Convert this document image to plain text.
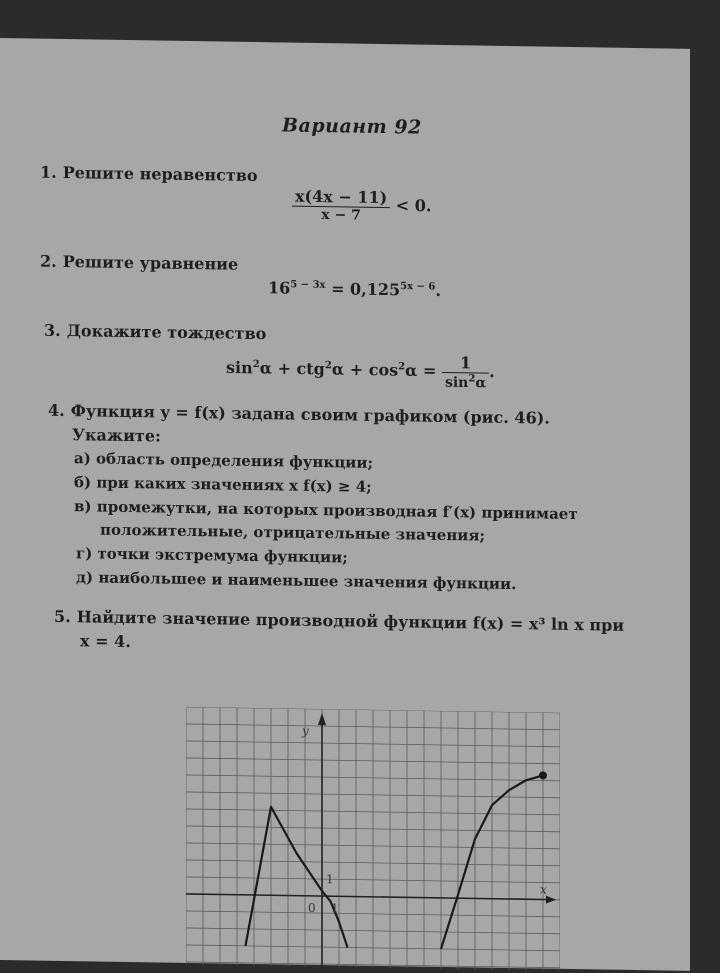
Вариант 92
1. Решите неравенство
$\frac{x(4x - 11)}{x - 7} < 0$.
2. Решите уравнение
$16^{5 - 3x} = 0,125^{5x - 6}$.
3. Докажите тождество
$\sin^2\alpha + ctg^2\alpha + \cos^2\alpha = \frac{1}{\sin^2\alpha}$ .
4. Функция y = f(x) задана своим графиком (рис. 46).
Укажите:
а) область определения функции;
б) при каких значениях x f(x) ≥ 4;
в) промежутки, на которых производная f′(x) принимает
положительные, отрицательные значения;
г) точки экстремума функции;
д) наибольшее и наименьшее значения функции.
5. Найдите значение производной функции f(x) = x³ ln x при
x = 4.
x
y
0 1
1
